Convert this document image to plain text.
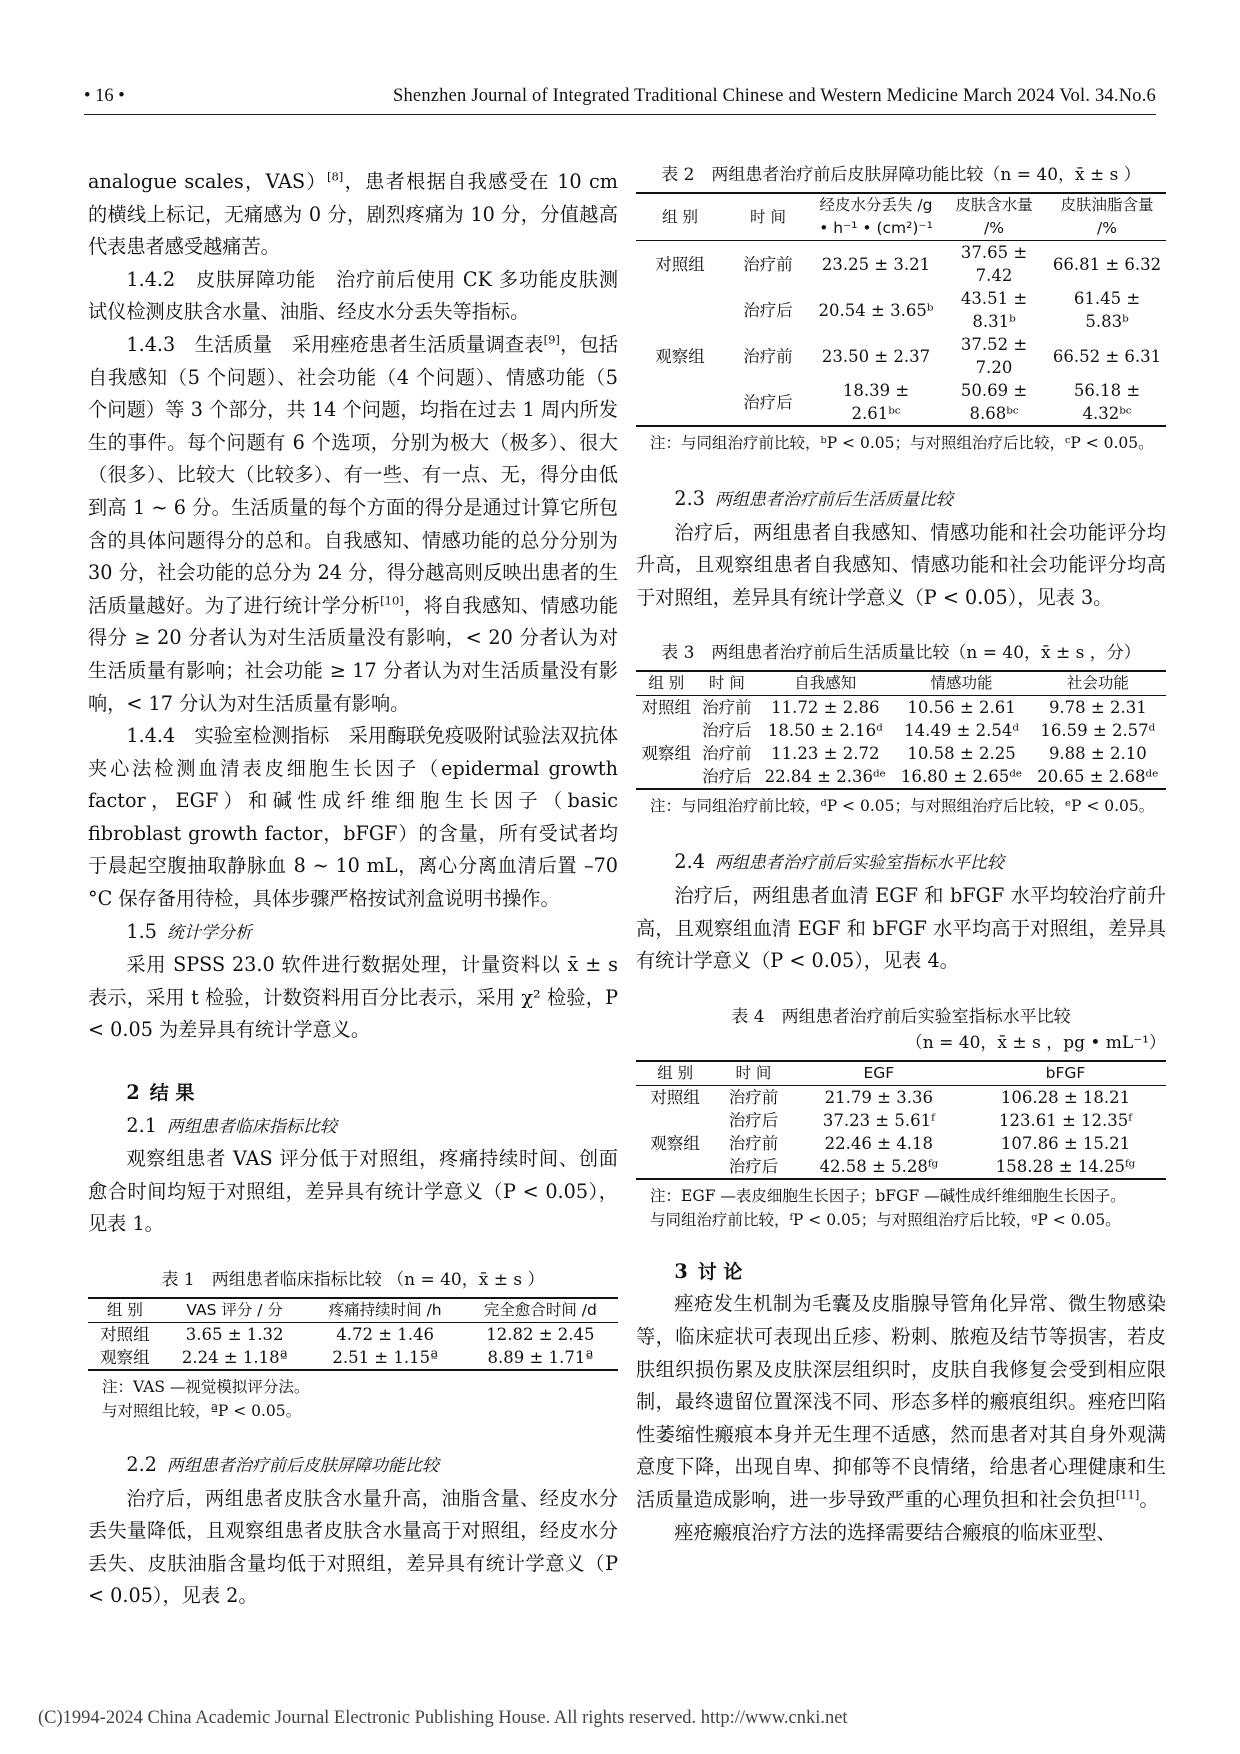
• 16 •	Shenzhen Journal of Integrated Traditional Chinese and Western Medicine March 2024 Vol. 34.No.6

analogue scales，VAS）[8]，患者根据自我感受在 10 cm 的横线上标记，无痛感为 0 分，剧烈疼痛为 10 分，分值越高代表患者感受越痛苦。

1.4.2　 皮肤屏障功能　 治疗前后使用 CK 多功能皮肤测试仪检测皮肤含水量、油脂、经皮水分丢失等指标。

1.4.3　 生活质量　 采用痤疮患者生活质量调查表[9]，包括自我感知（5 个问题）、社会功能（4 个问题）、情感功能（5 个问题）等 3 个部分，共 14 个问题，均指在过去 1 周内所发生的事件。每个问题有 6 个选项，分别为极大（极多）、很大（很多）、比较大（比较多）、有一些、有一点、无，得分由低到高 1 ~ 6 分。生活质量的每个方面的得分是通过计算它所包含的具体问题得分的总和。自我感知、情感功能的总分分别为 30 分，社会功能的总分为 24 分，得分越高则反映出患者的生活质量越好。为了进行统计学分析[10]，将自我感知、情感功能得分 ≥ 20 分者认为对生活质量没有影响，< 20 分者认为对生活质量有影响；社会功能 ≥ 17 分者认为对生活质量没有影响，< 17 分认为对生活质量有影响。

1.4.4　 实验室检测指标　 采用酶联免疫吸附试验法双抗体夹心法检测血清表皮细胞生长因子（epidermal growth factor，EGF）和碱性成纤维细胞生长因子（basic fibroblast growth factor，bFGF）的含量，所有受试者均于晨起空腹抽取静脉血 8 ~ 10 mL，离心分离血清后置 –70 °C 保存备用待检，具体步骤严格按试剂盒说明书操作。

1.5 统计学分析

采用 SPSS 23.0 软件进行数据处理，计量资料以 x̄ ± s 表示，采用 t 检验，计数资料用百分比表示，采用 χ² 检验，P < 0.05 为差异具有统计学意义。

2 结 果

2.1 两组患者临床指标比较

观察组患者 VAS 评分低于对照组，疼痛持续时间、创面愈合时间均短于对照组，差异具有统计学意义（P < 0.05），见表 1。

表 1　两组患者临床指标比较 （n = 40，x̄ ± s ）

组 别	VAS 评分 / 分	疼痛持续时间 /h	完全愈合时间 /d
对照组	3.65 ± 1.32	4.72 ± 1.46	12.82 ± 2.45
观察组	2.24 ± 1.18ª	2.51 ± 1.15ª	8.89 ± 1.71ª
注：VAS —视觉模拟评分法。
与对照组比较，ªP < 0.05。

2.2 两组患者治疗前后皮肤屏障功能比较

治疗后，两组患者皮肤含水量升高，油脂含量、经皮水分丢失量降低，且观察组患者皮肤含水量高于对照组，经皮水分丢失、皮肤油脂含量均低于对照组，差异具有统计学意义（P < 0.05），见表 2。

表 2　两组患者治疗前后皮肤屏障功能比较（n = 40，x̄ ± s ）

组 别	时 间	经皮水分丢失 /g • h⁻¹ • (cm²)⁻¹	皮肤含水量 /%	皮肤油脂含量 /%
对照组	治疗前	23.25 ± 3.21	37.65 ± 7.42	66.81 ± 6.32
	治疗后	20.54 ± 3.65ᵇ	43.51 ± 8.31ᵇ	61.45 ± 5.83ᵇ
观察组	治疗前	23.50 ± 2.37	37.52 ± 7.20	66.52 ± 6.31
	治疗后	18.39 ± 2.61ᵇᶜ	50.69 ± 8.68ᵇᶜ	56.18 ± 4.32ᵇᶜ
注：与同组治疗前比较，ᵇP < 0.05；与对照组治疗后比较，ᶜP < 0.05。

2.3 两组患者治疗前后生活质量比较

治疗后，两组患者自我感知、情感功能和社会功能评分均升高，且观察组患者自我感知、情感功能和社会功能评分均高于对照组，差异具有统计学意义（P < 0.05），见表 3。

表 3　两组患者治疗前后生活质量比较（n = 40，x̄ ± s ，分）

组 别	时 间	自我感知	情感功能	社会功能
对照组	治疗前	11.72 ± 2.86	10.56 ± 2.61	9.78 ± 2.31
	治疗后	18.50 ± 2.16ᵈ	14.49 ± 2.54ᵈ	16.59 ± 2.57ᵈ
观察组	治疗前	11.23 ± 2.72	10.58 ± 2.25	9.88 ± 2.10
	治疗后	22.84 ± 2.36ᵈᵉ	16.80 ± 2.65ᵈᵉ	20.65 ± 2.68ᵈᵉ
注：与同组治疗前比较，ᵈP < 0.05；与对照组治疗后比较，ᵉP < 0.05。

2.4 两组患者治疗前后实验室指标水平比较

治疗后，两组患者血清 EGF 和 bFGF 水平均较治疗前升高，且观察组血清 EGF 和 bFGF 水平均高于对照组，差异具有统计学意义（P < 0.05），见表 4。

表 4　两组患者治疗前后实验室指标水平比较

（n = 40，x̄ ± s ，pg • mL⁻¹）

组 别	时 间	EGF	bFGF
对照组	治疗前	21.79 ± 3.36	106.28 ± 18.21
	治疗后	37.23 ± 5.61ᶠ	123.61 ± 12.35ᶠ
观察组	治疗前	22.46 ± 4.18	107.86 ± 15.21
	治疗后	42.58 ± 5.28ᶠᵍ	158.28 ± 14.25ᶠᵍ
注：EGF —表皮细胞生长因子；bFGF —碱性成纤维细胞生长因子。
与同组治疗前比较，ᶠP < 0.05；与对照组治疗后比较，ᵍP < 0.05。

3 讨 论

痤疮发生机制为毛囊及皮脂腺导管角化异常、微生物感染等，临床症状可表现出丘疹、粉刺、脓疱及结节等损害，若皮肤组织损伤累及皮肤深层组织时，皮肤自我修复会受到相应限制，最终遗留位置深浅不同、形态多样的瘢痕组织。痤疮凹陷性萎缩性瘢痕本身并无生理不适感，然而患者对其自身外观满意度下降，出现自卑、抑郁等不良情绪，给患者心理健康和生活质量造成影响，进一步导致严重的心理负担和社会负担[11]。

痤疮瘢痕治疗方法的选择需要结合瘢痕的临床亚型、

(C)1994-2024 China Academic Journal Electronic Publishing House. All rights reserved. http://www.cnki.net
